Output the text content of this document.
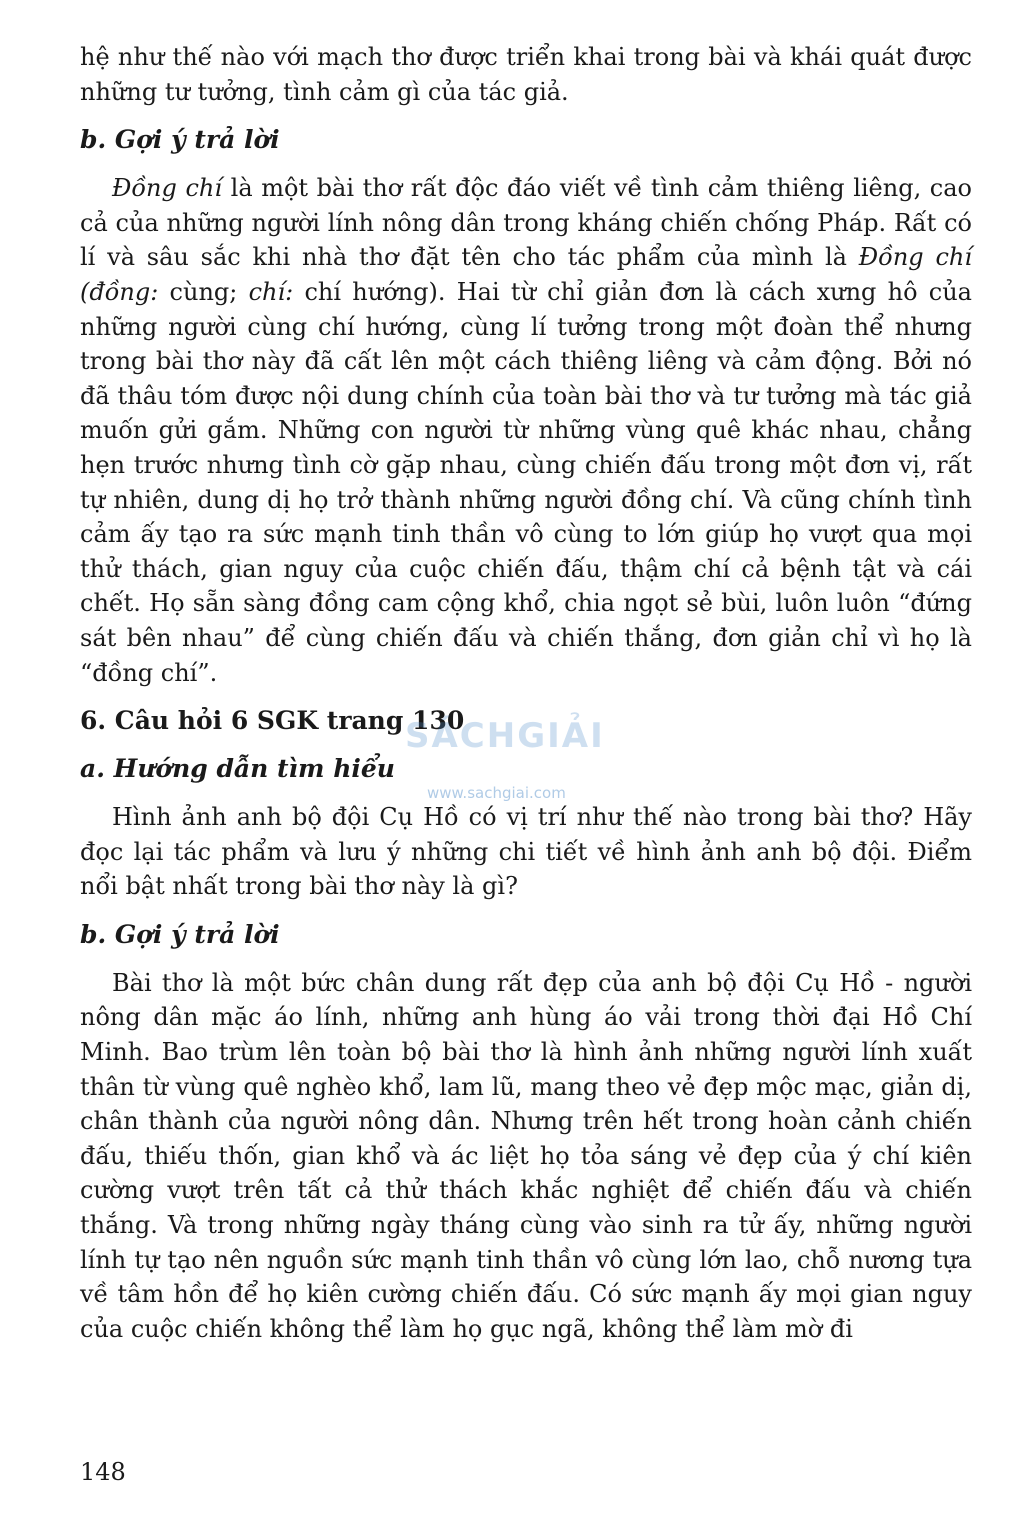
hệ như thế nào với mạch thơ được triển khai trong bài và khái quát được những tư tưởng, tình cảm gì của tác giả.

b. Gợi ý trả lời

Đồng chí là một bài thơ rất độc đáo viết về tình cảm thiêng liêng, cao cả của những người lính nông dân trong kháng chiến chống Pháp. Rất có lí và sâu sắc khi nhà thơ đặt tên cho tác phẩm của mình là Đồng chí (đồng: cùng; chí: chí hướng). Hai từ chỉ giản đơn là cách xưng hô của những người cùng chí hướng, cùng lí tưởng trong một đoàn thể nhưng trong bài thơ này đã cất lên một cách thiêng liêng và cảm động. Bởi nó đã thâu tóm được nội dung chính của toàn bài thơ và tư tưởng mà tác giả muốn gửi gắm. Những con người từ những vùng quê khác nhau, chẳng hẹn trước nhưng tình cờ gặp nhau, cùng chiến đấu trong một đơn vị, rất tự nhiên, dung dị họ trở thành những người đồng chí. Và cũng chính tình cảm ấy tạo ra sức mạnh tinh thần vô cùng to lớn giúp họ vượt qua mọi thử thách, gian nguy của cuộc chiến đấu, thậm chí cả bệnh tật và cái chết. Họ sẵn sàng đồng cam cộng khổ, chia ngọt sẻ bùi, luôn luôn “đứng sát bên nhau” để cùng chiến đấu và chiến thắng, đơn giản chỉ vì họ là “đồng chí”.

6. Câu hỏi 6 SGK trang 130

a. Hướng dẫn tìm hiểu

Hình ảnh anh bộ đội Cụ Hồ có vị trí như thế nào trong bài thơ? Hãy đọc lại tác phẩm và lưu ý những chi tiết về hình ảnh anh bộ đội. Điểm nổi bật nhất trong bài thơ này là gì?

b. Gợi ý trả lời

Bài thơ là một bức chân dung rất đẹp của anh bộ đội Cụ Hồ - người nông dân mặc áo lính, những anh hùng áo vải trong thời đại Hồ Chí Minh. Bao trùm lên toàn bộ bài thơ là hình ảnh những người lính xuất thân từ vùng quê nghèo khổ, lam lũ, mang theo vẻ đẹp mộc mạc, giản dị, chân thành của người nông dân. Nhưng trên hết trong hoàn cảnh chiến đấu, thiếu thốn, gian khổ và ác liệt họ tỏa sáng vẻ đẹp của ý chí kiên cường vượt trên tất cả thử thách khắc nghiệt để chiến đấu và chiến thắng. Và trong những ngày tháng cùng vào sinh ra tử ấy, những người lính tự tạo nên nguồn sức mạnh tinh thần vô cùng lớn lao, chỗ nương tựa về tâm hồn để họ kiên cường chiến đấu. Có sức mạnh ấy mọi gian nguy của cuộc chiến không thể làm họ gục ngã, không thể làm mờ đi

SÁCHGIẢI
www.sachgiai.com
148
